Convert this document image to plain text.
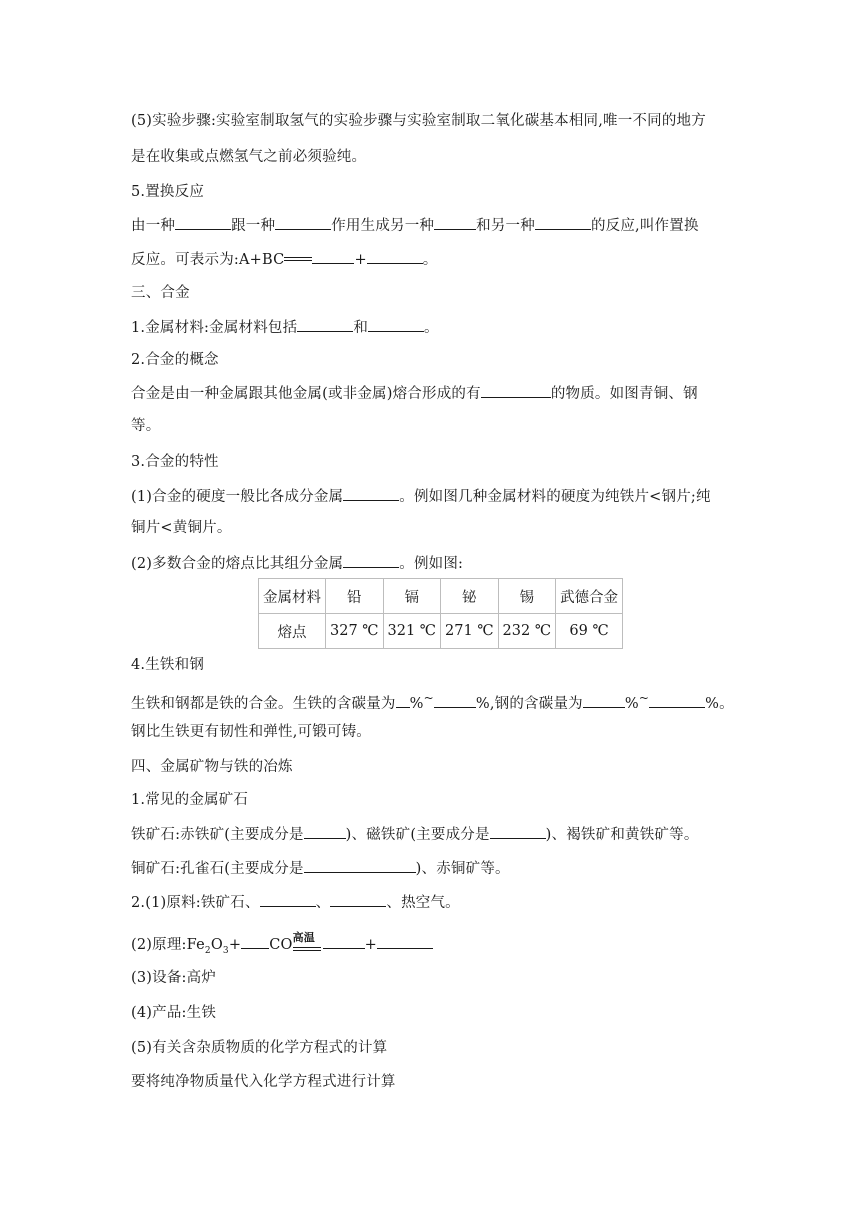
(5)实验步骤:实验室制取氢气的实验步骤与实验室制取二氧化碳基本相同,唯一不同的地方
是在收集或点燃氢气之前必须验纯。
5.置换反应
由一种	跟一种	作用生成另一种	和另一种	的反应,叫作置换
反应。可表示为:A+BC	+	。
三、合金
1.金属材料:金属材料包括	和	。
2.合金的概念
合金是由一种金属跟其他金属(或非金属)熔合形成的有	的物质。如图青铜、钢
等。
3.合金的特性
(1)合金的硬度一般比各成分金属	。例如图几种金属材料的硬度为纯铁片<钢片;纯
铜片<黄铜片。
(2)多数合金的熔点比其组分金属	。例如图:
金属材料	铅	镉	铋	锡	武德合金
熔点	327 ℃	321 ℃	271 ℃	232 ℃	69 ℃
4.生铁和钢
生铁和钢都是铁的合金。生铁的含碳量为 %~	%,钢的含碳量为	%~	%。
钢比生铁更有韧性和弹性,可锻可铸。
四、金属矿物与铁的冶炼
1.常见的金属矿石
铁矿石:赤铁矿(主要成分是	)、磁铁矿(主要成分是	)、褐铁矿和黄铁矿等。
铜矿石:孔雀石(主要成分是	)、赤铜矿等。
2.(1)原料:铁矿石、	、	、热空气。
(2)原理$:Fe_2O_3+$ CO 高温	+
(3)设备:高炉
(4)产品:生铁
(5)有关含杂质物质的化学方程式的计算
要将纯净物质量代入化学方程式进行计算
